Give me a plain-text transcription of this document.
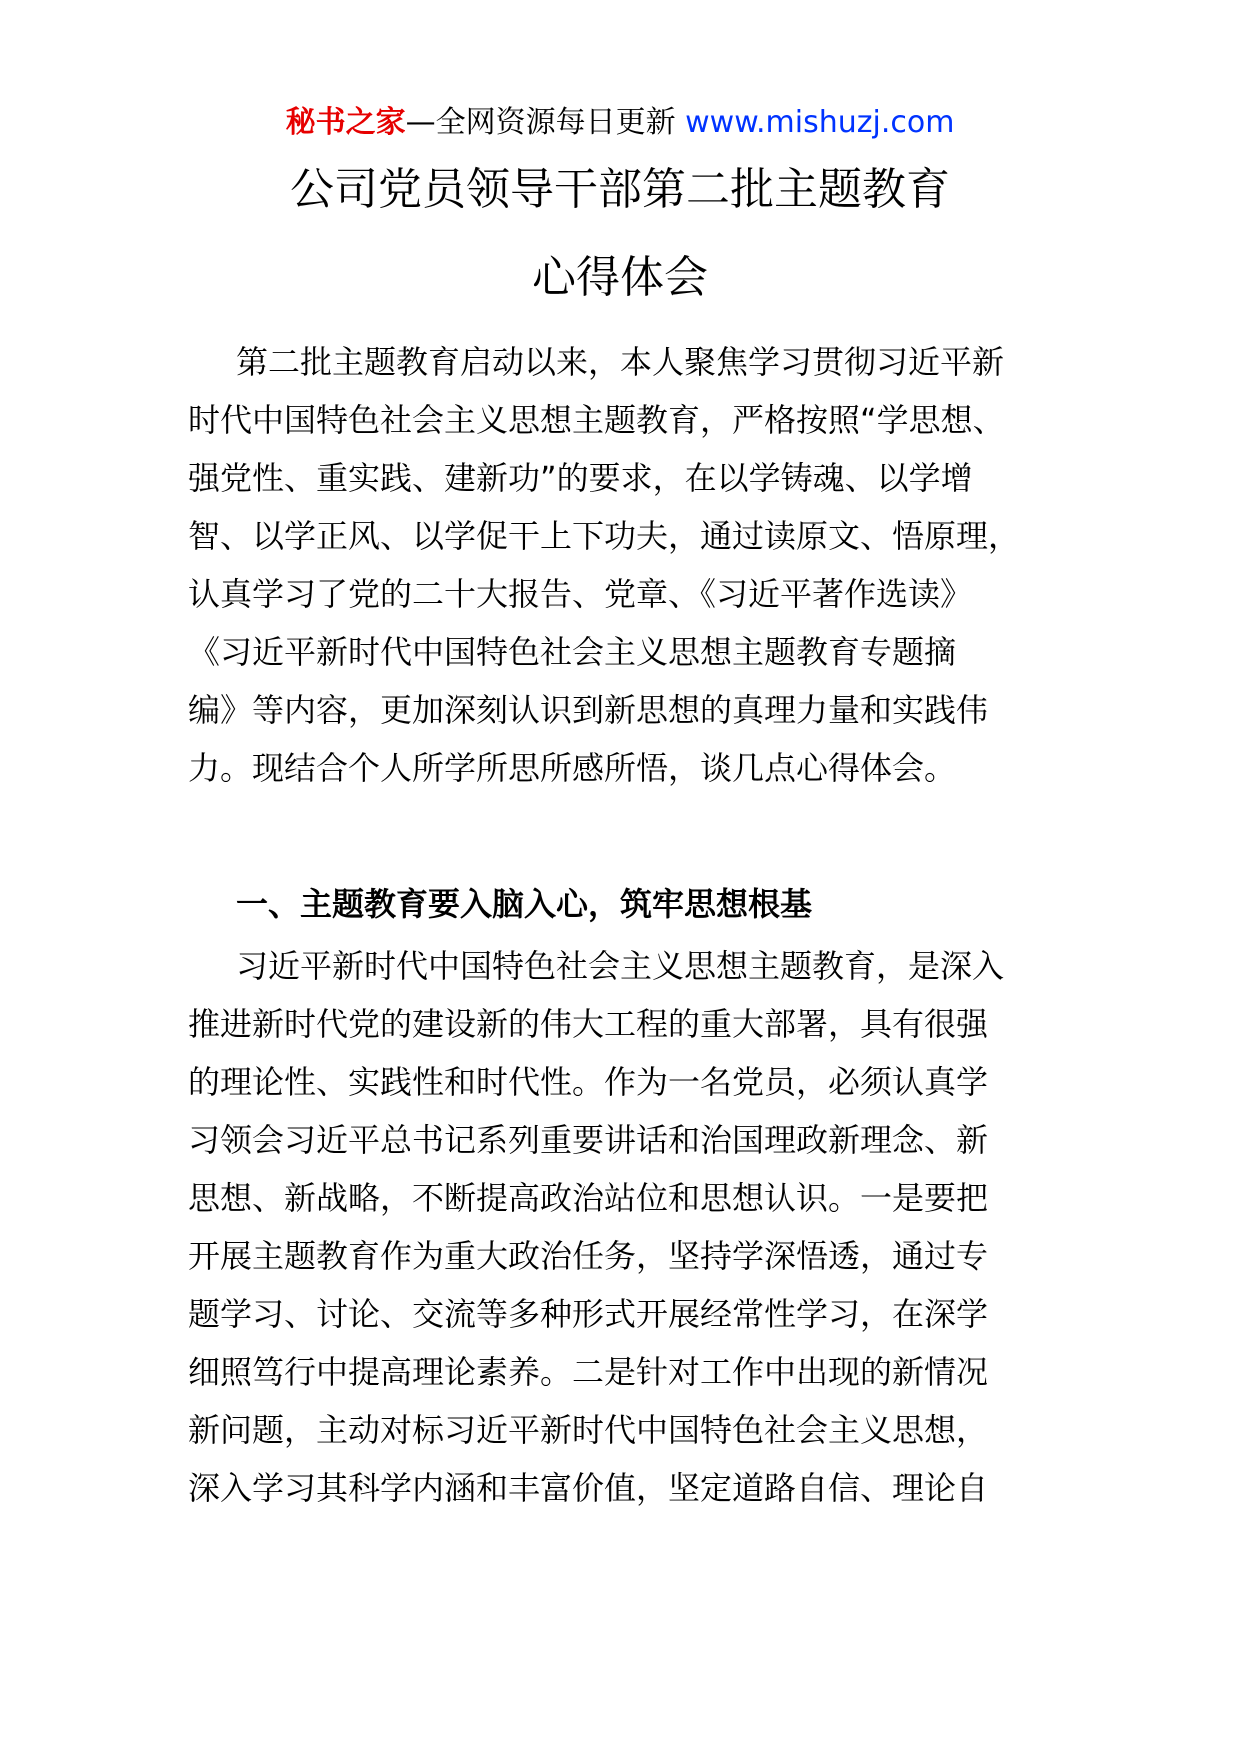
秘书之家—全网资源每日更新 www.mishuzj.com
公司党员领导干部第二批主题教育
心得体会
第二批主题教育启动以来，本人聚焦学习贯彻习近平新
时代中国特色社会主义思想主题教育，严格按照“学思想、
强党性、重实践、建新功”的要求，在以学铸魂、以学增
智、以学正风、以学促干上下功夫，通过读原文、悟原理，
认真学习了党的二十大报告、党章、《习近平著作选读》
《习近平新时代中国特色社会主义思想主题教育专题摘
编》等内容，更加深刻认识到新思想的真理力量和实践伟
力。现结合个人所学所思所感所悟，谈几点心得体会。
一、主题教育要入脑入心，筑牢思想根基
习近平新时代中国特色社会主义思想主题教育，是深入
推进新时代党的建设新的伟大工程的重大部署，具有很强
的理论性、实践性和时代性。作为一名党员，必须认真学
习领会习近平总书记系列重要讲话和治国理政新理念、新
思想、新战略，不断提高政治站位和思想认识。一是要把
开展主题教育作为重大政治任务，坚持学深悟透，通过专
题学习、讨论、交流等多种形式开展经常性学习，在深学
细照笃行中提高理论素养。二是针对工作中出现的新情况
新问题，主动对标习近平新时代中国特色社会主义思想，
深入学习其科学内涵和丰富价值，坚定道路自信、理论自
